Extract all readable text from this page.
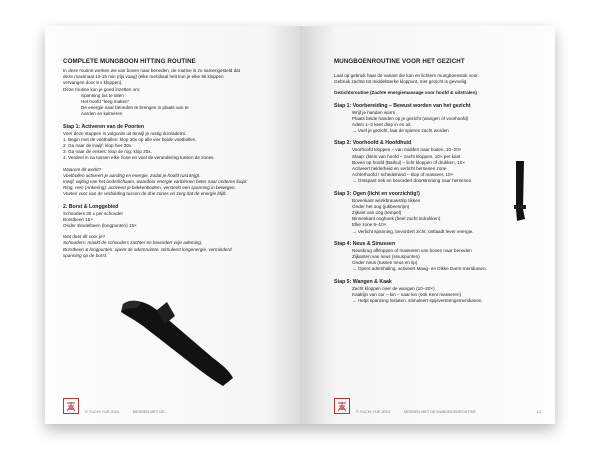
COMPLETE MUNGBOON HITTING ROUTINE

In deze routine werken we van boven naar beneden, de routine is zo samengesteld dat

deze maximaal 12-15 min (rijs vaag) (elke meridiaal heit kun je elke 5k kloppen

vervangen door 8 x kloppen).

Deze routine kun je goed inzetten om:

Spanning los te laten

Het hoofd "leeg maken"

De energie naar beneden te brengen in plaats van te

Aarden en kalmeren

Stap 1: Activeren van de Poorten

Voer deze stappen in volgorde uit terwijl je rustig doorademt.

1. Begin met de voetbollen: klop 30x op alle vier beide voetbollen.

2. Ga naar de inwijf: klop hier 30x.

3. Ga naar de enkels: klop de rug: klop 30x.

4. Verdeel in na tussen elke zone en voel de verandering tussen de zones.

Waarom dit werkt?

Voetbollen activeert je aarding en energie, zodat je hoofd rust krijgt.

Inwijf, wijting van het onderlichaam, waardoor energie vanbinnen beter naar onderen loopt.

Ring, Hen (Ankering): activeert je bekkenbodem, versterkt een spanning in bewegen.

Voeten voor van de verbinding tussen de drie zones en zorg dat de energie blijft.

2. Borst & Longgebied

Schouders 30 x per schouder

Borstbeen 15×

Onder sleutelbeen (longpunten) 15×

Wat doet dit voor je?

Schouders: maakt de schouders zachter en bevordert vrije ademing.

Borstbeen & longpunten: opent de ademruimte, stimuleert longenergie, verminderd

spanning op de borst.

© YUCHI YUE 2024	MENSEN MET DE...
MUNGBOENROUTINE VOOR HET GEZICHT

Laat op gebruik haar de variant die kan en lichtere mungboenstok voor.

Gebruik zachte tot middelsterke kloppunt, met gezicht is gevoelig.

Gezichtsroutine (Zachte energiemassage voor hoofd & uitstralen)

Stap 1: Voorbereiding – Bewust worden van het gezicht

Wrijf je handen warm

Plaats beide handen op je gezicht (wangen of voorhoofd)

Adem 1–2 keer diep in en uit.

→ Voel je gezicht, laat de spieren zacht worden

Stap 2: Voorhoofd & Hoofdhuid

Voorhoofd kloppen – van midden naar buiten, 10–20×

Slaap: (klein van hoofd – zacht kloppen, 10× per kant

Boven op hoofd (Baihui) – licht kloppen of drukken, 10×

Activeert helderheid en verlicht hersenen zone

Achterhoofd / schedelrand – klop of masseer, 10×

→ Ontspant nek en bevordert doorstroming naar hersenen

Stap 3: Ogen (licht en voorzichtig!)

Bovenkant wenkbrauwstrip tikken

Onder het oog (jukbeenrijm)

Zijkant van oog (tempel)

Binnenkant ooghoek (heel zacht indrukken)

Elke zone 5–10×

→ Verlicht spanning, bevordert zicht, ontlaadt lever energie.

Stap 4: Neus & Sinussen

Neusbrug afkloppen of masseren van boven naar beneden

Zijkanten van neus (sinuspunten)

Onder neus (tussen neus en lip)

→ Opent ademhaling, activeert Maag- en Dikke Darm-meridianen.

Stap 5: Wangen & Kaak

Zacht kloppen over de wangen (10–20×)

Kaaklijn van oor – kin – naar kin (ook Kent masseren)

→ Helpt spanning loslaten, stimuleert spijsverteringsmeridianen.

© YUCHI YUE 2024	MENSEN MET DE MUNGBOENROUTINE	12
